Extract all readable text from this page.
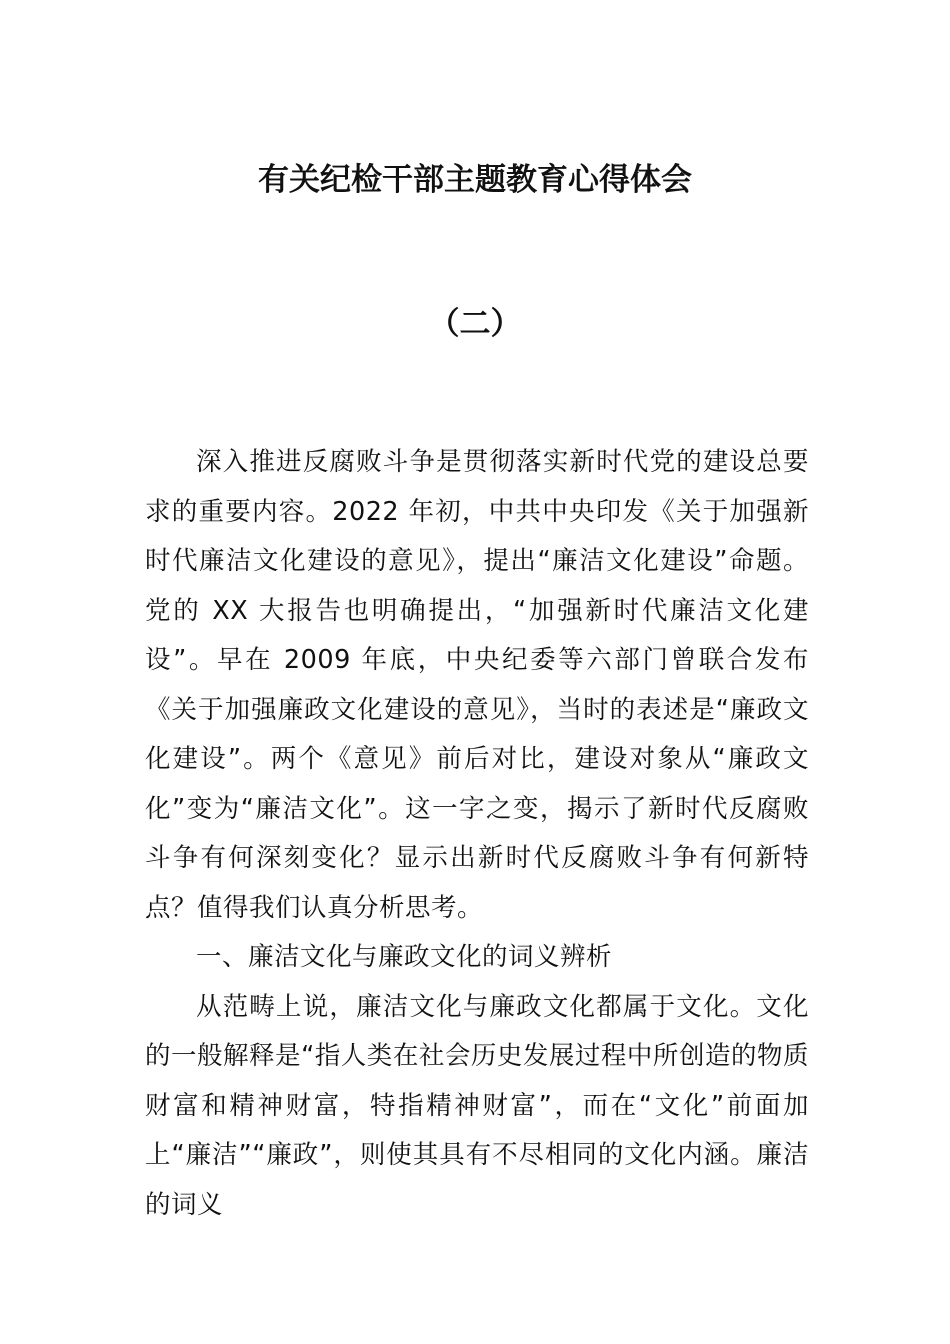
有关纪检干部主题教育心得体会
（二）

深入推进反腐败斗争是贯彻落实新时代党的建设总要求的重要内容。2022 年初，中共中央印发《关于加强新时代廉洁文化建设的意见》，提出“廉洁文化建设”命题。党的 XX 大报告也明确提出，“加强新时代廉洁文化建设”。早在 2009 年底，中央纪委等六部门曾联合发布《关于加强廉政文化建设的意见》，当时的表述是“廉政文化建设”。两个《意见》前后对比，建设对象从“廉政文化”变为“廉洁文化”。这一字之变，揭示了新时代反腐败斗争有何深刻变化？显示出新时代反腐败斗争有何新特点？值得我们认真分析思考。

一、廉洁文化与廉政文化的词义辨析

从范畴上说，廉洁文化与廉政文化都属于文化。文化的一般解释是“指人类在社会历史发展过程中所创造的物质财富和精神财富，特指精神财富”，而在“文化”前面加上“廉洁”“廉政”，则使其具有不尽相同的文化内涵。廉洁的词义
